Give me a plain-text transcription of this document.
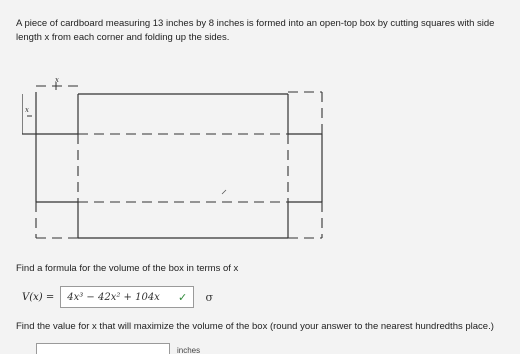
A piece of cardboard measuring 13 inches by 8 inches is formed into an open-top box by cutting squares with side length x from each corner and folding up the sides.
x
x
Find a formula for the volume of the box in terms of x
V(x) = 4x³ − 42x² + 104x ✓	σ
Find the value for x that will maximize the volume of the box (round your answer to the nearest hundredths place.)
inches
